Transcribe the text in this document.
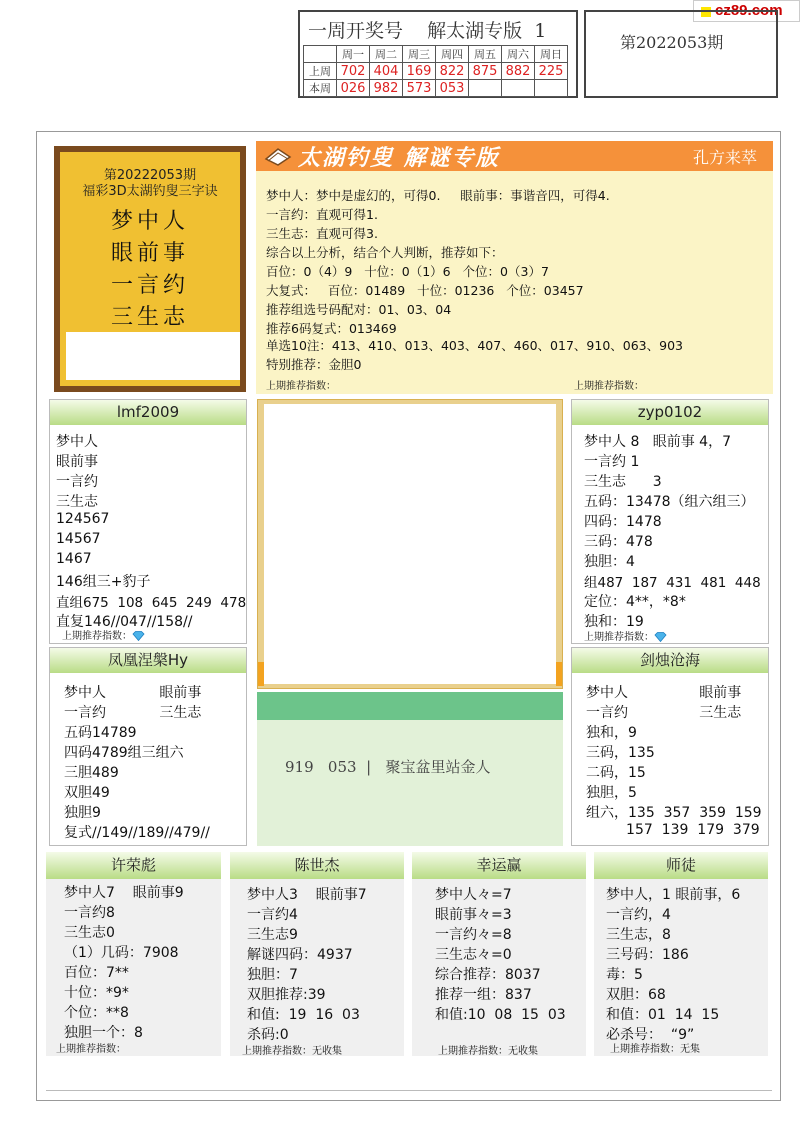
cz89.com
一周开奖号    解太湖专版  1
	周一	周二	周三	周四	周五	周六	周日
上周	702	404	169	822	875	882	225
本周	026	982	573	053			
第2022053期
第20222053期
福彩3D太湖钓叟三字诀
梦中人
眼前事
一言约
三生志
太湖钓叟 解谜专版	孔方来萃
梦中人：梦中是虚幻的，可得0.     眼前事：事谐音四，可得4.
一言约：直观可得1.
三生志：直观可得3.
综合以上分析，结合个人判断，推荐如下：
百位：0（4）9   十位：0（1）6   个位：0（3）7
大复式：   百位：01489   十位：01236   个位：03457
推荐组选号码配对：01、03、04
推荐6码复式：013469
单选10注：413、410、013、403、407、460、017、910、063、903
特别推荐：金胆0
上期推荐指数：	上期推荐指数：
lmf2009
梦中人
眼前事
一言约
三生志
124567
14567
1467
146组三+豹子
直组675  108  645  249  478
直复146//047//158//
上期推荐指数：
zyp0102
梦中人 8   眼前事 4，7
一言约 1
三生志      3
五码：13478（组六组三）
四码：1478
三码：478
独胆：4
组487  187  431  481  448
定位：4**，*8*
独和：19
上期推荐指数：
919   053  |   聚宝盆里站金人
凤凰涅槃Hy
梦中人            眼前事
一言约            三生志
五码14789
四码4789组三组六
三胆489
双胆49
独胆9
复式//149//189//479//
剑烛沧海
梦中人                眼前事
一言约                三生志
独和，9
三码，135
二码，15
独胆，5
组六，135  357  359  159
157  139  179  379
许荣彪
梦中人7    眼前事9
一言约8
三生志0
（1）几码：7908
百位：7**
十位：*9*
个位：**8
独胆一个：8
上期推荐指数：
陈世杰
梦中人3    眼前事7
一言约4
三生志9
解谜四码：4937
独胆：7
双胆推荐:39
和值:  19  16  03
杀码:0
上期推荐指数：无收集
幸运赢
梦中人々=7
眼前事々=3
一言约々=8
三生志々=0
综合推荐：8037
推荐一组：837
和值:10  08  15  03
上期推荐指数：无收集
师徒
梦中人，1 眼前事，6
一言约，4
三生志，8
三号码：186
毒：5
双胆：68
和值：01  14  15
必杀号：  “9”
上期推荐指数：无集
